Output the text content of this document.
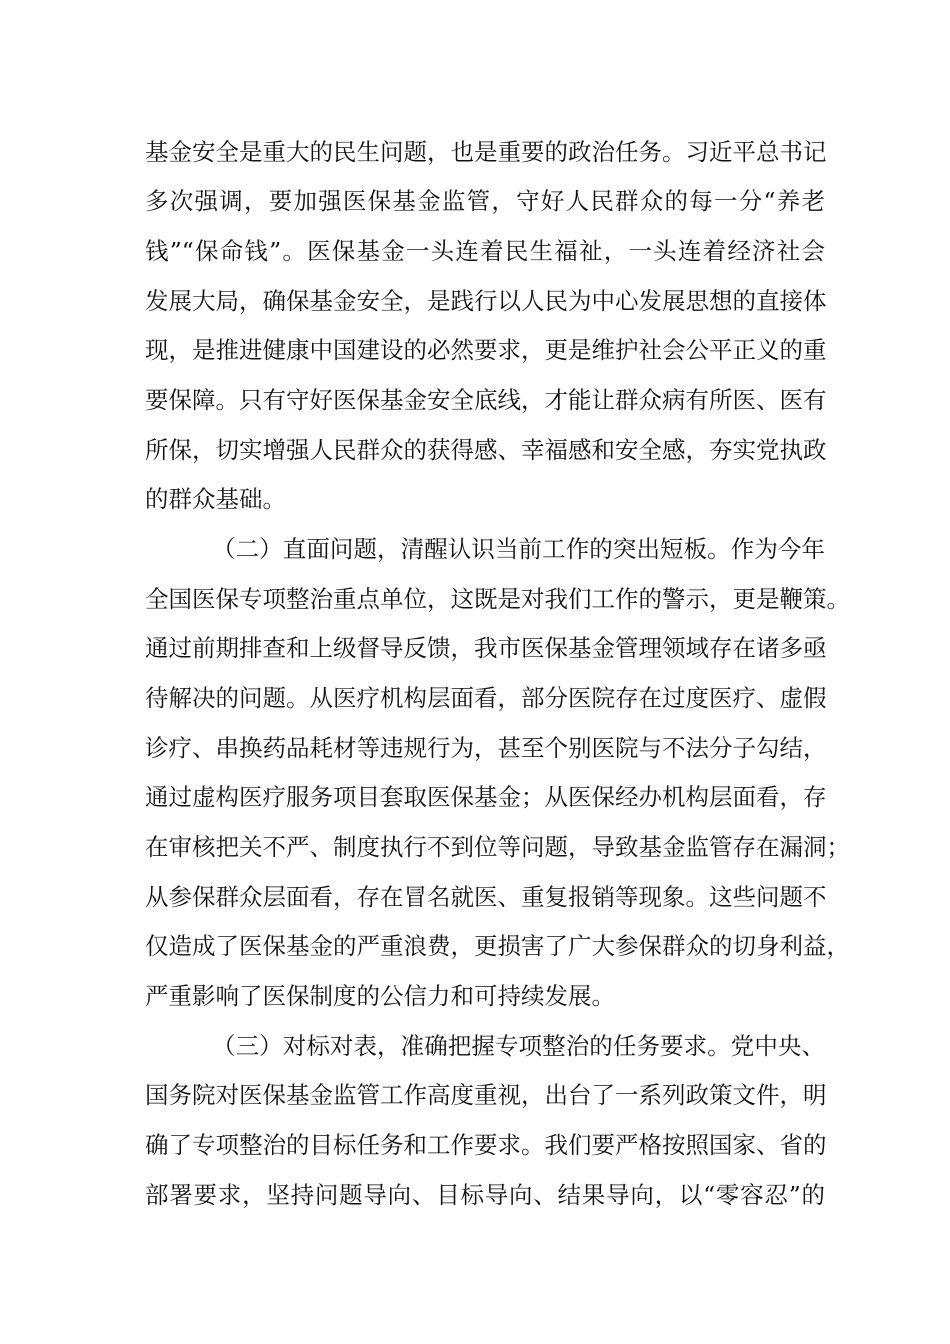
基金安全是重大的民生问题，也是重要的政治任务。习近平总书记
多次强调，要加强医保基金监管，守好人民群众的每一分“养老
钱”“保命钱”。医保基金一头连着民生福祉，一头连着经济社会
发展大局，确保基金安全，是践行以人民为中心发展思想的直接体
现，是推进健康中国建设的必然要求，更是维护社会公平正义的重
要保障。只有守好医保基金安全底线，才能让群众病有所医、医有
所保，切实增强人民群众的获得感、幸福感和安全感，夯实党执政
的群众基础。
（二）直面问题，清醒认识当前工作的突出短板。作为今年
全国医保专项整治重点单位，这既是对我们工作的警示，更是鞭策。
通过前期排查和上级督导反馈，我市医保基金管理领域存在诸多亟
待解决的问题。从医疗机构层面看，部分医院存在过度医疗、虚假
诊疗、串换药品耗材等违规行为，甚至个别医院与不法分子勾结，
通过虚构医疗服务项目套取医保基金；从医保经办机构层面看，存
在审核把关不严、制度执行不到位等问题，导致基金监管存在漏洞；
从参保群众层面看，存在冒名就医、重复报销等现象。这些问题不
仅造成了医保基金的严重浪费，更损害了广大参保群众的切身利益，
严重影响了医保制度的公信力和可持续发展。
（三）对标对表，准确把握专项整治的任务要求。党中央、
国务院对医保基金监管工作高度重视，出台了一系列政策文件，明
确了专项整治的目标任务和工作要求。我们要严格按照国家、省的
部署要求，坚持问题导向、目标导向、结果导向，以“零容忍”的
